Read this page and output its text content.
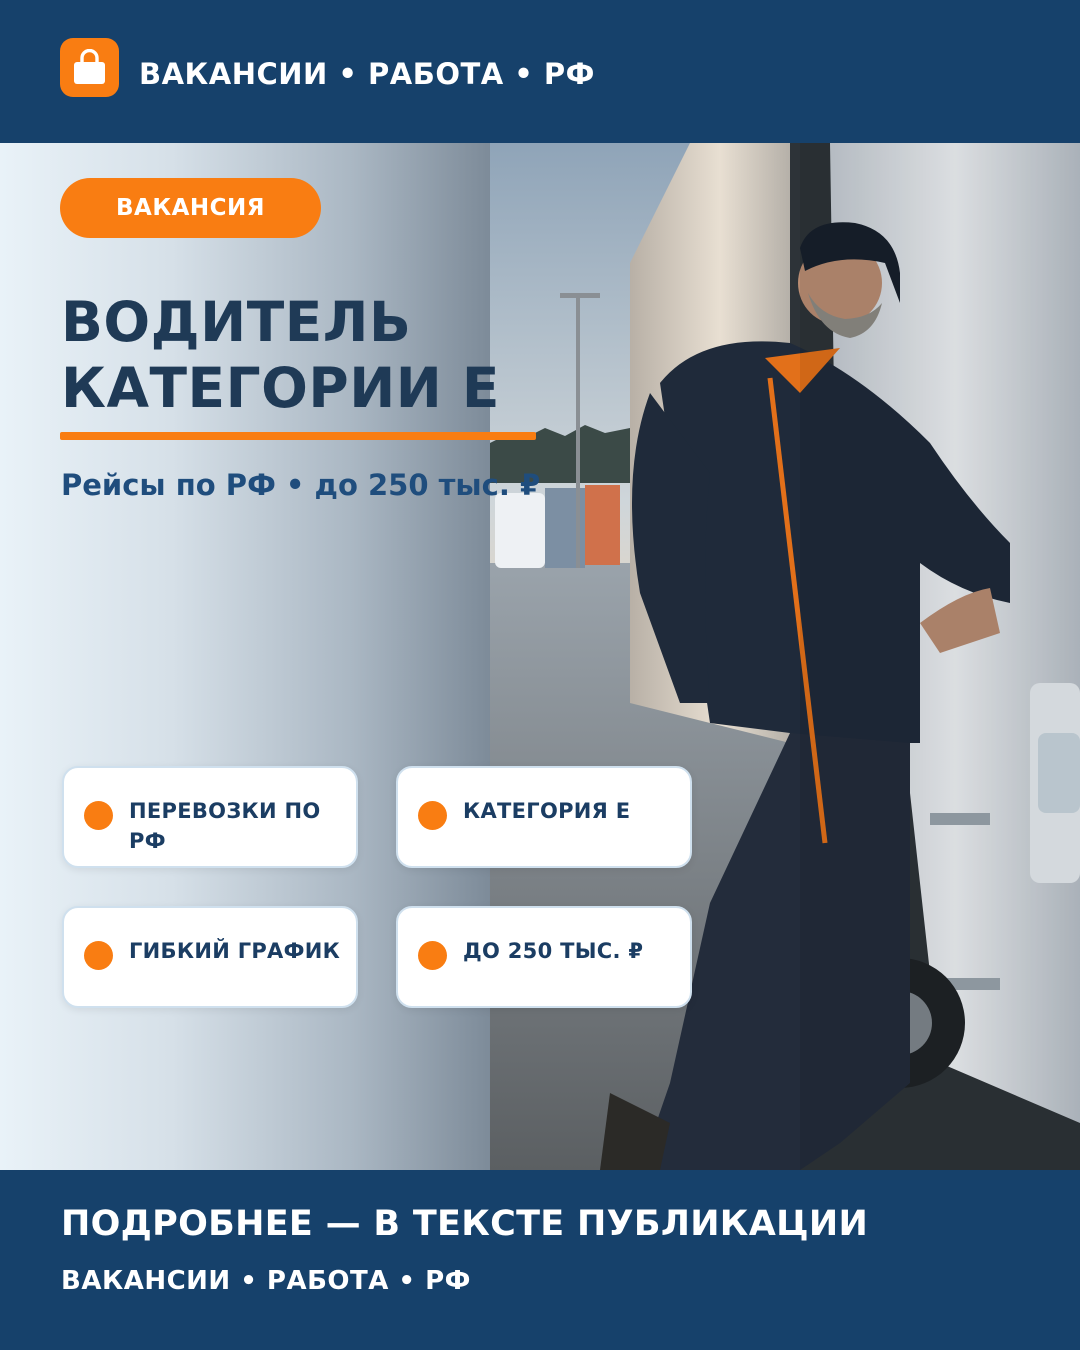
ВАКАНСИИ • РАБОТА • РФ
ВАКАНСИЯ
ВОДИТЕЛЬ
КАТЕГОРИИ Е
Рейсы по РФ • до 250 тыс. ₽
ПЕРЕВОЗКИ ПО РФ
КАТЕГОРИЯ Е
ГИБКИЙ ГРАФИК	ДО 250 ТЫС. ₽
ПОДРОБНЕЕ — В ТЕКСТЕ ПУБЛИКАЦИИ
ВАКАНСИИ • РАБОТА • РФ
